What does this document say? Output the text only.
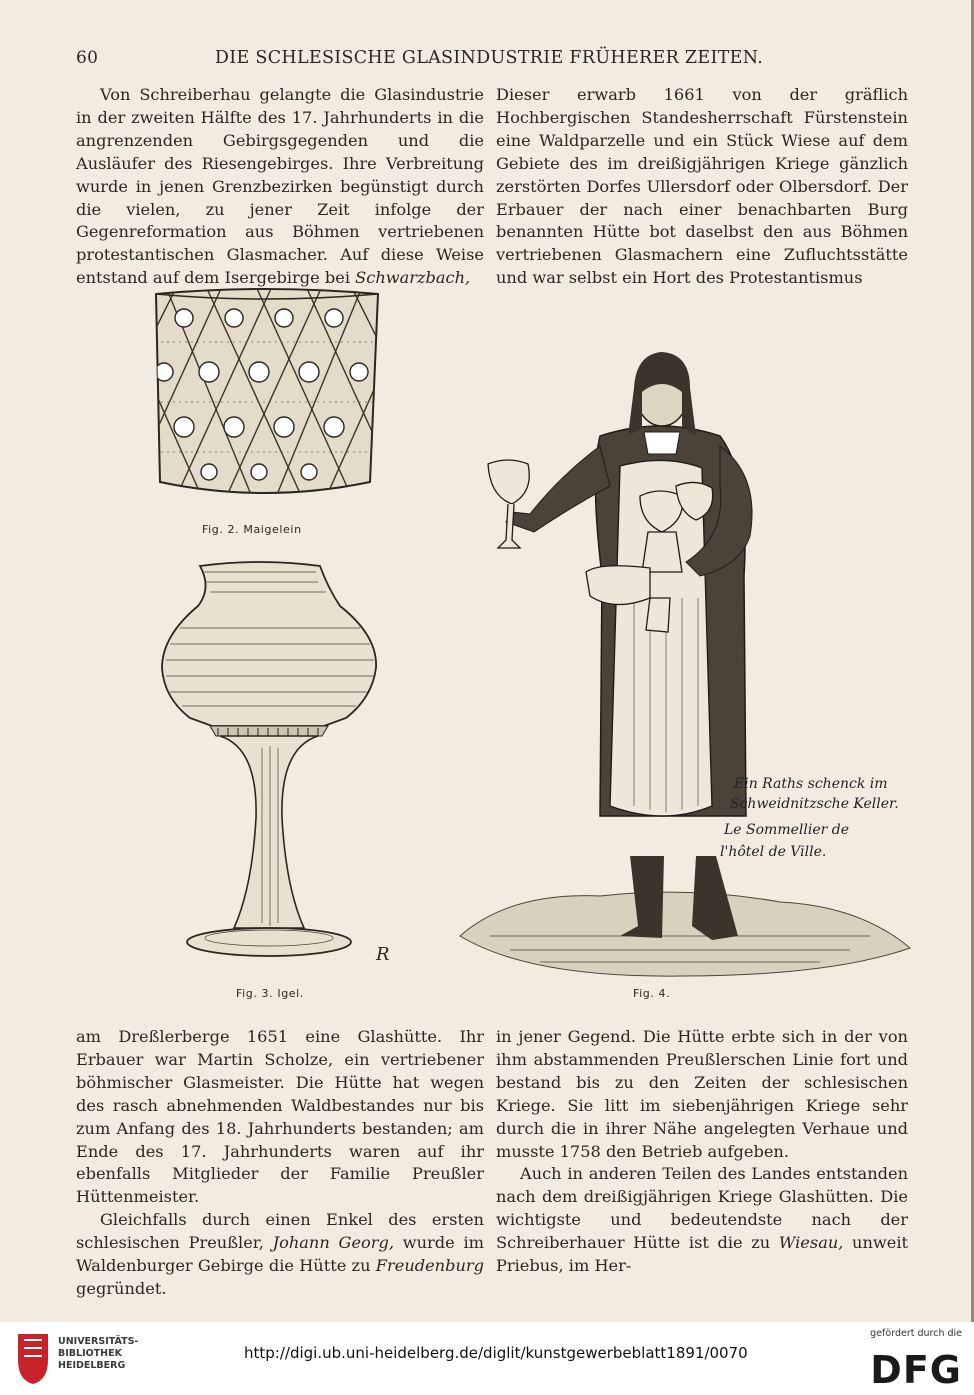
60	DIE SCHLESISCHE GLASINDUSTRIE FRÜHERER ZEITEN.

Von Schreiberhau gelangte die Glasindustrie in der zweiten Hälfte des 17. Jahrhunderts in die angrenzenden Gebirgsgegenden und die Ausläufer des Riesengebirges. Ihre Verbreitung wurde in jenen Grenzbezirken begünstigt durch die vielen, zu jener Zeit infolge der Gegenreformation aus Böhmen vertriebenen protestantischen Glasmacher. Auf diese Weise entstand auf dem Isergebirge bei Schwarzbach,

Dieser erwarb 1661 von der gräflich Hochbergischen Standesherrschaft Fürstenstein eine Waldparzelle und ein Stück Wiese auf dem Gebiete des im dreißigjährigen Kriege gänzlich zerstörten Dorfes Ullersdorf oder Olbersdorf. Der Erbauer der nach einer benachbarten Burg benannten Hütte bot daselbst den aus Böhmen vertriebenen Glasmachern eine Zufluchtsstätte und war selbst ein Hort des Protestantismus

Fig. 2. Maigelein
R
Fig. 3. Igel.
Ein Raths schenck im
Schweidnitzsche Keller.
Le Sommellier de
l'hôtel de Ville.
Fig. 4.

am Dreßlerberge 1651 eine Glashütte. Ihr Erbauer war Martin Scholze, ein vertriebener böhmischer Glasmeister. Die Hütte hat wegen des rasch abnehmenden Waldbestandes nur bis zum Anfang des 18. Jahrhunderts bestanden; am Ende des 17. Jahrhunderts waren auf ihr ebenfalls Mitglieder der Familie Preußler Hüttenmeister.

Gleichfalls durch einen Enkel des ersten schlesischen Preußler, Johann Georg, wurde im Waldenburger Gebirge die Hütte zu Freudenburg gegründet.

in jener Gegend. Die Hütte erbte sich in der von ihm abstammenden Preußlerschen Linie fort und bestand bis zu den Zeiten der schlesischen Kriege. Sie litt im siebenjährigen Kriege sehr durch die in ihrer Nähe angelegten Verhaue und musste 1758 den Betrieb aufgeben.

Auch in anderen Teilen des Landes entstanden nach dem dreißigjährigen Kriege Glashütten. Die wichtigste und bedeutendste nach der Schreiberhauer Hütte ist die zu Wiesau, unweit Priebus, im Her-

UNIVERSITÄTS-
BIBLIOTHEK
HEIDELBERG
http://digi.ub.uni-heidelberg.de/diglit/kunstgewerbeblatt1891/0070
gefördert durch die
DFG
